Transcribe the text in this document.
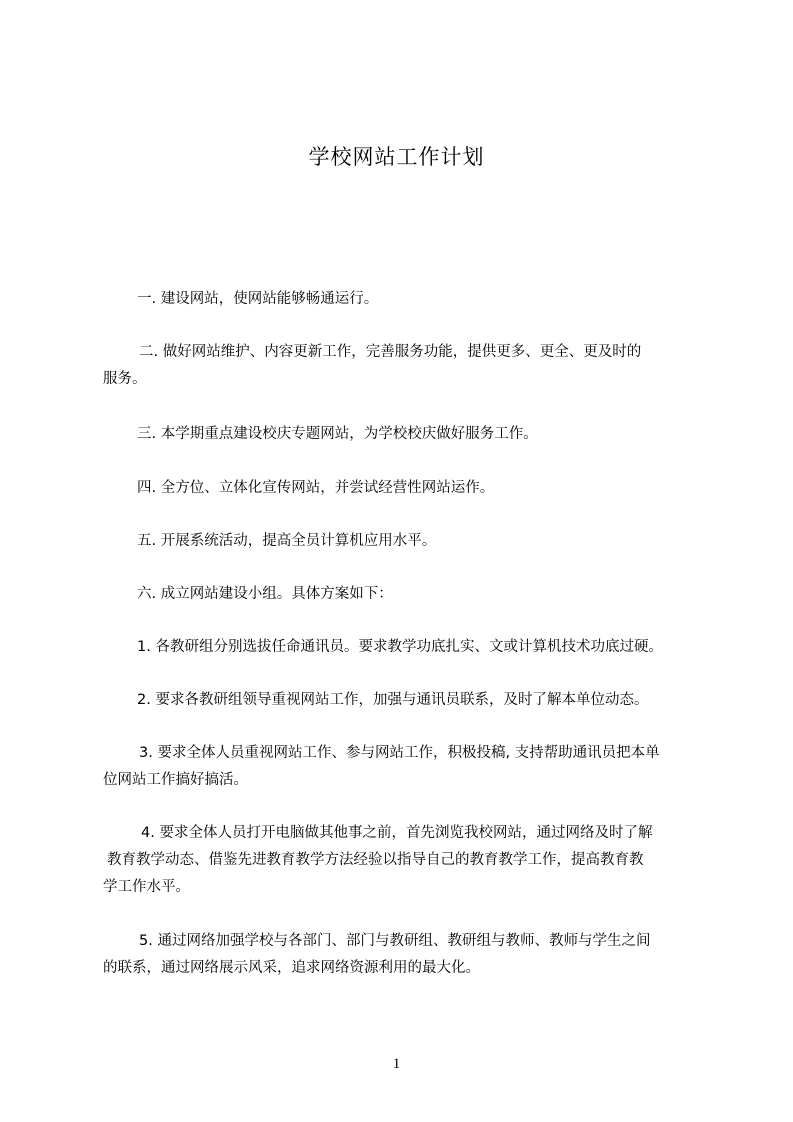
学校网站工作计划
一. 建设网站，使网站能够畅通运行。
二. 做好网站维护、内容更新工作，完善服务功能，提供更多、更全、更及时的
服务。
三. 本学期重点建设校庆专题网站，为学校校庆做好服务工作。
四. 全方位、立体化宣传网站，并尝试经营性网站运作。
五. 开展系统活动，提高全员计算机应用水平。
六. 成立网站建设小组。具体方案如下：
1. 各教研组分别选拔任命通讯员。要求教学功底扎实、文或计算机技术功底过硬。
2. 要求各教研组领导重视网站工作，加强与通讯员联系，及时了解本单位动态。
3. 要求全体人员重视网站工作、参与网站工作，积极投稿, 支持帮助通讯员把本单
位网站工作搞好搞活。
4. 要求全体人员打开电脑做其他事之前，首先浏览我校网站，通过网络及时了解
教育教学动态、借鉴先进教育教学方法经验以指导自己的教育教学工作，提高教育教
学工作水平。
5. 通过网络加强学校与各部门、部门与教研组、教研组与教师、教师与学生之间
的联系，通过网络展示风采，追求网络资源利用的最大化。
1
